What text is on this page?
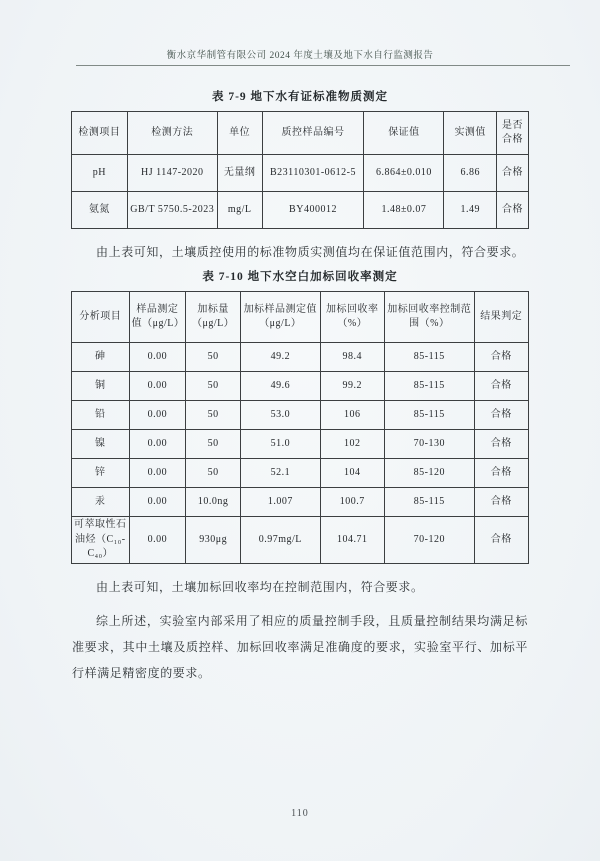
衡水京华制管有限公司 2024 年度土壤及地下水自行监测报告
表 7-9 地下水有证标准物质测定
检测项目	检测方法	单位	质控样品编号	保证值	实测值	是否合格
pH	HJ 1147-2020	无量纲	B23110301-0612-5	6.864±0.010	6.86	合格
氨氮	GB/T 5750.5-2023	mg/L	BY400012	1.48±0.07	1.49	合格

由上表可知，土壤质控使用的标准物质实测值均在保证值范围内，符合要求。

表 7-10 地下水空白加标回收率测定
分析项目	样品测定值（μg/L）	加标量（μg/L）	加标样品测定值（μg/L）	加标回收率（%）	加标回收率控制范围（%）	结果判定
砷	0.00	50	49.2	98.4	85-115	合格
铜	0.00	50	49.6	99.2	85-115	合格
铅	0.00	50	53.0	106	85-115	合格
镍	0.00	50	51.0	102	70-130	合格
锌	0.00	50	52.1	104	85-120	合格
汞	0.00	10.0ng	1.007	100.7	85-115	合格
可萃取性石油烃（C₁₀-C₄₀）	0.00	930μg	0.97mg/L	104.71	70-120	合格

由上表可知，土壤加标回收率均在控制范围内，符合要求。

综上所述，实验室内部采用了相应的质量控制手段，且质量控制结果均满足标准要求，其中土壤及质控样、加标回收率满足准确度的要求，实验室平行、加标平行样满足精密度的要求。

110
